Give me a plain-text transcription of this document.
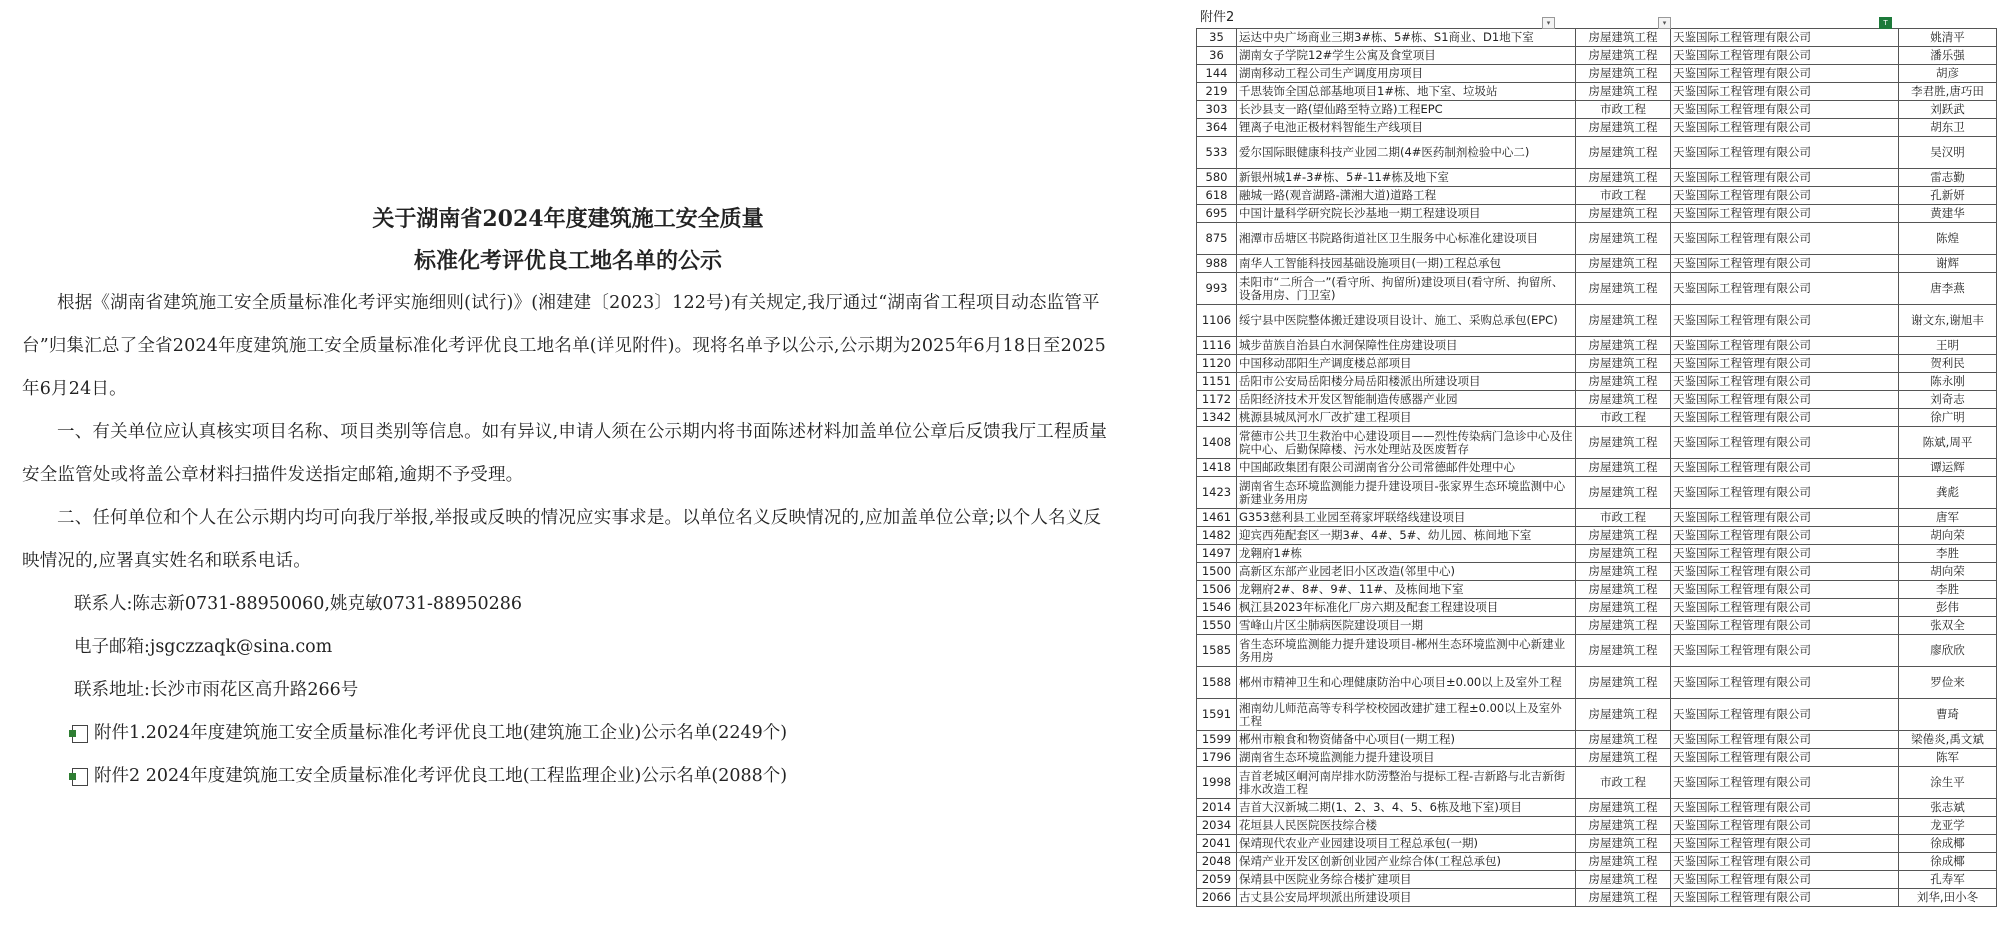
关于湖南省2024年度建筑施工安全质量

标准化考评优良工地名单的公示

根据《湖南省建筑施工安全质量标准化考评实施细则(试行)》(湘建建〔2023〕122号)有关规定,我厅通过“湖南省工程项目动态监管平台”归集汇总了全省2024年度建筑施工安全质量标准化考评优良工地名单(详见附件)。现将名单予以公示,公示期为2025年6月18日至2025年6月24日。

一、有关单位应认真核实项目名称、项目类别等信息。如有异议,申请人须在公示期内将书面陈述材料加盖单位公章后反馈我厅工程质量安全监管处或将盖公章材料扫描件发送指定邮箱,逾期不予受理。

二、任何单位和个人在公示期内均可向我厅举报,举报或反映的情况应实事求是。以单位名义反映情况的,应加盖单位公章;以个人名义反映情况的,应署真实姓名和联系电话。

联系人:陈志新0731-88950060,姚克敏0731-88950286

电子邮箱:jsgczzaqk@sina.com

联系地址:长沙市雨花区高升路266号

附件1.2024年度建筑施工安全质量标准化考评优良工地(建筑施工企业)公示名单(2249个)
附件2 2024年度建筑施工安全质量标准化考评优良工地(工程监理企业)公示名单(2088个)
附件2	▾	▾	T
35	运达中央广场商业三期3#栋、5#栋、S1商业、D1地下室	房屋建筑工程	天鉴国际工程管理有限公司	姚清平
36	湖南女子学院12#学生公寓及食堂项目	房屋建筑工程	天鉴国际工程管理有限公司	潘乐强
144	湖南移动工程公司生产调度用房项目	房屋建筑工程	天鉴国际工程管理有限公司	胡彦
219	千思装饰全国总部基地项目1#栋、地下室、垃圾站	房屋建筑工程	天鉴国际工程管理有限公司	李君胜,唐巧田
303	长沙县支一路(望仙路至特立路)工程EPC	市政工程	天鉴国际工程管理有限公司	刘跃武
364	锂离子电池正极材料智能生产线项目	房屋建筑工程	天鉴国际工程管理有限公司	胡东卫
533	爱尔国际眼健康科技产业园二期(4#医药制剂检验中心二)	房屋建筑工程	天鉴国际工程管理有限公司	吴汉明
580	新银州城1#-3#栋、5#-11#栋及地下室	房屋建筑工程	天鉴国际工程管理有限公司	雷志勤
618	融城一路(观音湖路-潇湘大道)道路工程	市政工程	天鉴国际工程管理有限公司	孔新妍
695	中国计量科学研究院长沙基地一期工程建设项目	房屋建筑工程	天鉴国际工程管理有限公司	黄建华
875	湘潭市岳塘区书院路街道社区卫生服务中心标准化建设项目	房屋建筑工程	天鉴国际工程管理有限公司	陈煌
988	南华人工智能科技园基础设施项目(一期)工程总承包	房屋建筑工程	天鉴国际工程管理有限公司	谢辉
993	耒阳市“二所合一”(看守所、拘留所)建设项目(看守所、拘留所、设备用房、门卫室)	房屋建筑工程	天鉴国际工程管理有限公司	唐李燕
1106	绥宁县中医院整体搬迁建设项目设计、施工、采购总承包(EPC)	房屋建筑工程	天鉴国际工程管理有限公司	谢文东,谢旭丰
1116	城步苗族自治县白水洞保障性住房建设项目	房屋建筑工程	天鉴国际工程管理有限公司	王明
1120	中国移动邵阳生产调度楼总部项目	房屋建筑工程	天鉴国际工程管理有限公司	贺利民
1151	岳阳市公安局岳阳楼分局岳阳楼派出所建设项目	房屋建筑工程	天鉴国际工程管理有限公司	陈永刚
1172	岳阳经济技术开发区智能制造传感器产业园	房屋建筑工程	天鉴国际工程管理有限公司	刘奇志
1342	桃源县城凤河水厂改扩建工程项目	市政工程	天鉴国际工程管理有限公司	徐广明
1408	常德市公共卫生救治中心建设项目——烈性传染病门急诊中心及住院中心、后勤保障楼、污水处理站及医废暂存	房屋建筑工程	天鉴国际工程管理有限公司	陈斌,周平
1418	中国邮政集团有限公司湖南省分公司常德邮件处理中心	房屋建筑工程	天鉴国际工程管理有限公司	谭运辉
1423	湖南省生态环境监测能力提升建设项目-张家界生态环境监测中心新建业务用房	房屋建筑工程	天鉴国际工程管理有限公司	龚彪
1461	G353慈利县工业园至蒋家坪联络线建设项目	市政工程	天鉴国际工程管理有限公司	唐军
1482	迎宾西苑配套区一期3#、4#、5#、幼儿园、栋间地下室	房屋建筑工程	天鉴国际工程管理有限公司	胡向荣
1497	龙翱府1#栋	房屋建筑工程	天鉴国际工程管理有限公司	李胜
1500	高新区东部产业园老旧小区改造(邻里中心)	房屋建筑工程	天鉴国际工程管理有限公司	胡向荣
1506	龙翱府2#、8#、9#、11#、及栋间地下室	房屋建筑工程	天鉴国际工程管理有限公司	李胜
1546	枫江县2023年标准化厂房六期及配套工程建设项目	房屋建筑工程	天鉴国际工程管理有限公司	彭伟
1550	雪峰山片区尘肺病医院建设项目一期	房屋建筑工程	天鉴国际工程管理有限公司	张双全
1585	省生态环境监测能力提升建设项目-郴州生态环境监测中心新建业务用房	房屋建筑工程	天鉴国际工程管理有限公司	廖欣欣
1588	郴州市精神卫生和心理健康防治中心项目±0.00以上及室外工程	房屋建筑工程	天鉴国际工程管理有限公司	罗俭来
1591	湘南幼儿师范高等专科学校校园改建扩建工程±0.00以上及室外工程	房屋建筑工程	天鉴国际工程管理有限公司	曹琦
1599	郴州市粮食和物资储备中心项目(一期工程)	房屋建筑工程	天鉴国际工程管理有限公司	梁倦炎,禹文斌
1796	湖南省生态环境监测能力提升建设项目	房屋建筑工程	天鉴国际工程管理有限公司	陈军
1998	吉首老城区峒河南岸排水防涝整治与提标工程-吉新路与北吉新街排水改造工程	市政工程	天鉴国际工程管理有限公司	涂生平
2014	吉首大汉新城二期(1、2、3、4、5、6栋及地下室)项目	房屋建筑工程	天鉴国际工程管理有限公司	张志斌
2034	花垣县人民医院医技综合楼	房屋建筑工程	天鉴国际工程管理有限公司	龙亚学
2041	保靖现代农业产业园建设项目工程总承包(一期)	房屋建筑工程	天鉴国际工程管理有限公司	徐成椰
2048	保靖产业开发区创新创业园产业综合体(工程总承包)	房屋建筑工程	天鉴国际工程管理有限公司	徐成椰
2059	保靖县中医院业务综合楼扩建项目	房屋建筑工程	天鉴国际工程管理有限公司	孔寿军
2066	古丈县公安局坪坝派出所建设项目	房屋建筑工程	天鉴国际工程管理有限公司	刘华,田小冬
